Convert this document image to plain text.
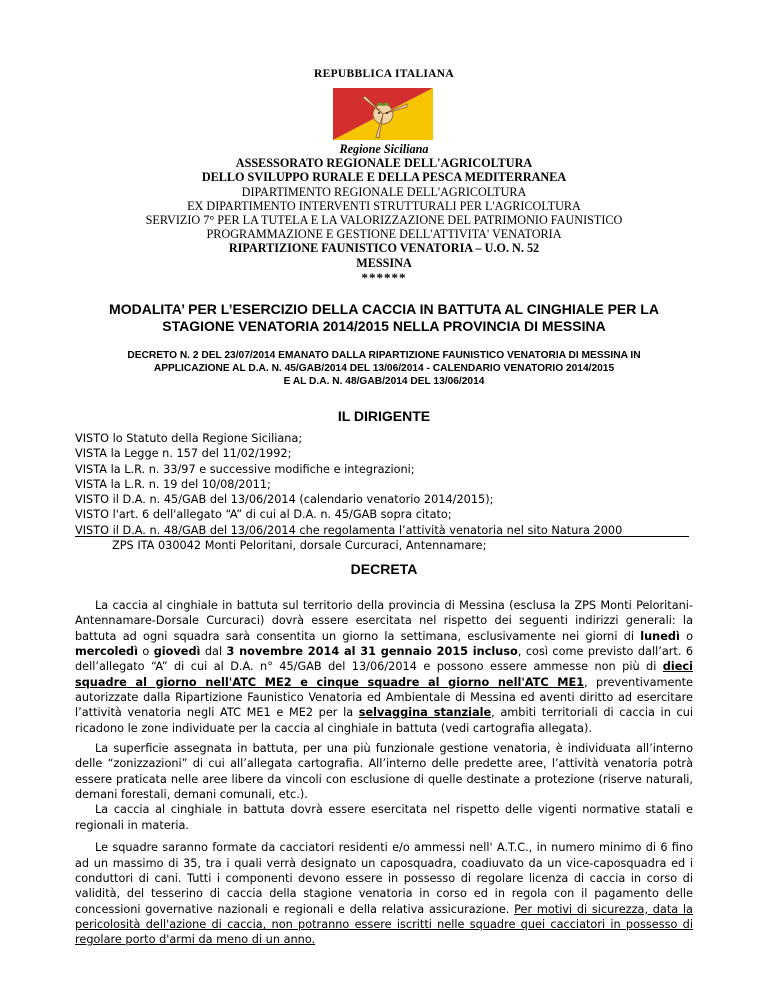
REPUBBLICA ITALIANA
Regione Siciliana
ASSESSORATO REGIONALE DELL'AGRICOLTURA
DELLO SVILUPPO RURALE E DELLA PESCA MEDITERRANEA
DIPARTIMENTO REGIONALE DELL'AGRICOLTURA
EX DIPARTIMENTO INTERVENTI STRUTTURALI PER L'AGRICOLTURA
SERVIZIO 7° PER LA TUTELA E LA VALORIZZAZIONE DEL PATRIMONIO FAUNISTICO
PROGRAMMAZIONE E GESTIONE DELL'ATTIVITA' VENATORIA
RIPARTIZIONE FAUNISTICO VENATORIA – U.O. N. 52
MESSINA
******
MODALITA’ PER L’ESERCIZIO DELLA CACCIA IN BATTUTA AL CINGHIALE PER LA
STAGIONE VENATORIA 2014/2015 NELLA PROVINCIA DI MESSINA
DECRETO N. 2 DEL 23/07/2014 EMANATO DALLA RIPARTIZIONE FAUNISTICO VENATORIA DI MESSINA IN
APPLICAZIONE AL D.A. N. 45/GAB/2014 DEL 13/06/2014 - CALENDARIO VENATORIO 2014/2015
E AL D.A. N. 48/GAB/2014 DEL 13/06/2014
IL DIRIGENTE
VISTO lo Statuto della Regione Siciliana;
VISTA la Legge n. 157 del 11/02/1992;
VISTA la L.R. n. 33/97 e successive modifiche e integrazioni;
VISTA la L.R. n. 19 del 10/08/2011;
VISTO il D.A. n. 45/GAB del 13/06/2014 (calendario venatorio 2014/2015);
VISTO l'art. 6 dell'allegato “A” di cui al D.A. n. 45/GAB sopra citato;
VISTO il D.A. n. 48/GAB del 13/06/2014 che regolamenta l’attività venatoria nel sito Natura 2000
ZPS ITA 030042 Monti Peloritani, dorsale Curcuraci, Antennamare;
DECRETA

La caccia al cinghiale in battuta sul territorio della provincia di Messina (esclusa la ZPS Monti Peloritani-Antennamare-Dorsale Curcuraci) dovrà essere esercitata nel rispetto dei seguenti indirizzi generali: la battuta ad ogni squadra sarà consentita un giorno la settimana, esclusivamente nei giorni di lunedì o mercoledì o giovedì dal 3 novembre 2014 al 31 gennaio 2015 incluso, così come previsto dall’art. 6 dell’allegato “A” di cui al D.A. n° 45/GAB del 13/06/2014 e possono essere ammesse non più di dieci squadre al giorno nell'ATC ME2 e cinque squadre al giorno nell'ATC ME1, preventivamente autorizzate dalla Ripartizione Faunistico Venatoria ed Ambientale di Messina ed aventi diritto ad esercitare l’attività venatoria negli ATC ME1 e ME2 per la selvaggina stanziale, ambiti territoriali di caccia in cui ricadono le zone individuate per la caccia al cinghiale in battuta (vedi cartografia allegata).

La superficie assegnata in battuta, per una più funzionale gestione venatoria, è individuata all’interno delle “zonizzazioni” di cui all’allegata cartografia. All’interno delle predette aree, l’attività venatoria potrà essere praticata nelle aree libere da vincoli con esclusione di quelle destinate a protezione (riserve naturali, demani forestali, demani comunali, etc.).

La caccia al cinghiale in battuta dovrà essere esercitata nel rispetto delle vigenti normative statali e regionali in materia.

Le squadre saranno formate da cacciatori residenti e/o ammessi nell' A.T.C., in numero minimo di 6 fino ad un massimo di 35, tra i quali verrà designato un caposquadra, coadiuvato da un vice-caposquadra ed i conduttori di cani. Tutti i componenti devono essere in possesso di regolare licenza di caccia in corso di validità, del tesserino di caccia della stagione venatoria in corso ed in regola con il pagamento delle concessioni governative nazionali e regionali e della relativa assicurazione. Per motivi di sicurezza, data la pericolosità dell'azione di caccia, non potranno essere iscritti nelle squadre quei cacciatori in possesso di regolare porto d'armi da meno di un anno.
